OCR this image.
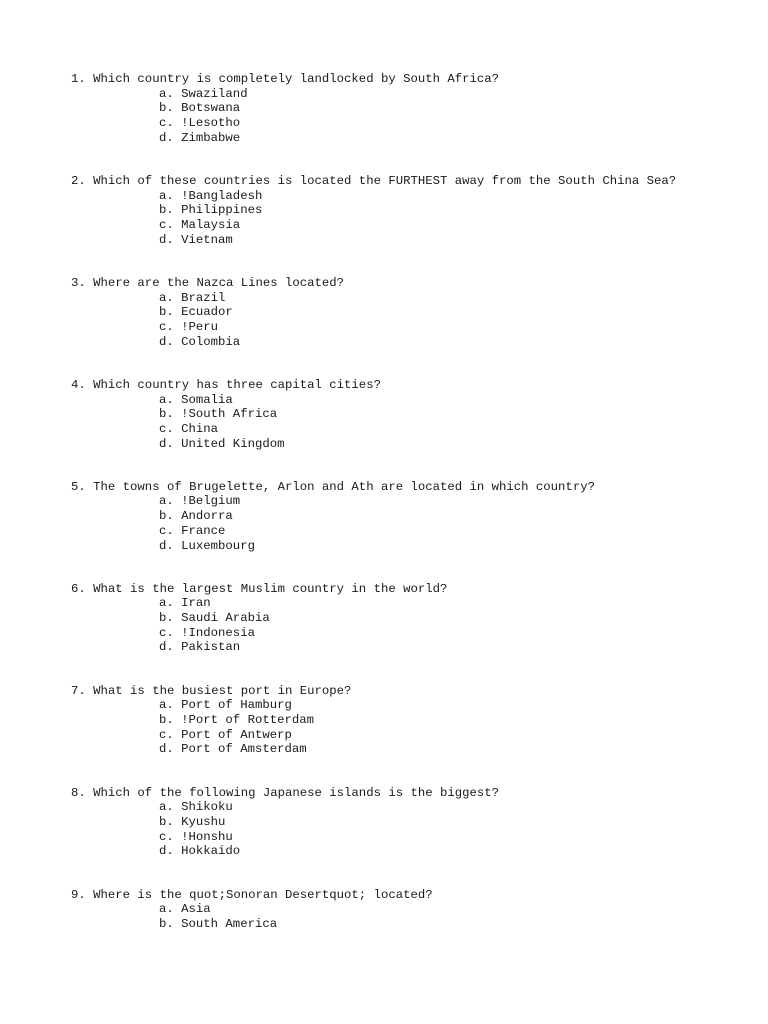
1. Which country is completely landlocked by South Africa?
a. Swaziland
b. Botswana
c. !Lesotho
d. Zimbabwe
2. Which of these countries is located the FURTHEST away from the South China Sea?
a. !Bangladesh
b. Philippines
c. Malaysia
d. Vietnam
3. Where are the Nazca Lines located?
a. Brazil
b. Ecuador
c. !Peru
d. Colombia
4. Which country has three capital cities?
a. Somalia
b. !South Africa
c. China
d. United Kingdom
5. The towns of Brugelette, Arlon and Ath are located in which country?
a. !Belgium
b. Andorra
c. France
d. Luxembourg
6. What is the largest Muslim country in the world?
a. Iran
b. Saudi Arabia
c. !Indonesia
d. Pakistan
7. What is the busiest port in Europe?
a. Port of Hamburg
b. !Port of Rotterdam
c. Port of Antwerp
d. Port of Amsterdam
8. Which of the following Japanese islands is the biggest?
a. Shikoku
b. Kyushu
c. !Honshu
d. Hokkaido
9. Where is the quot;Sonoran Desertquot; located?
a. Asia
b. South America
